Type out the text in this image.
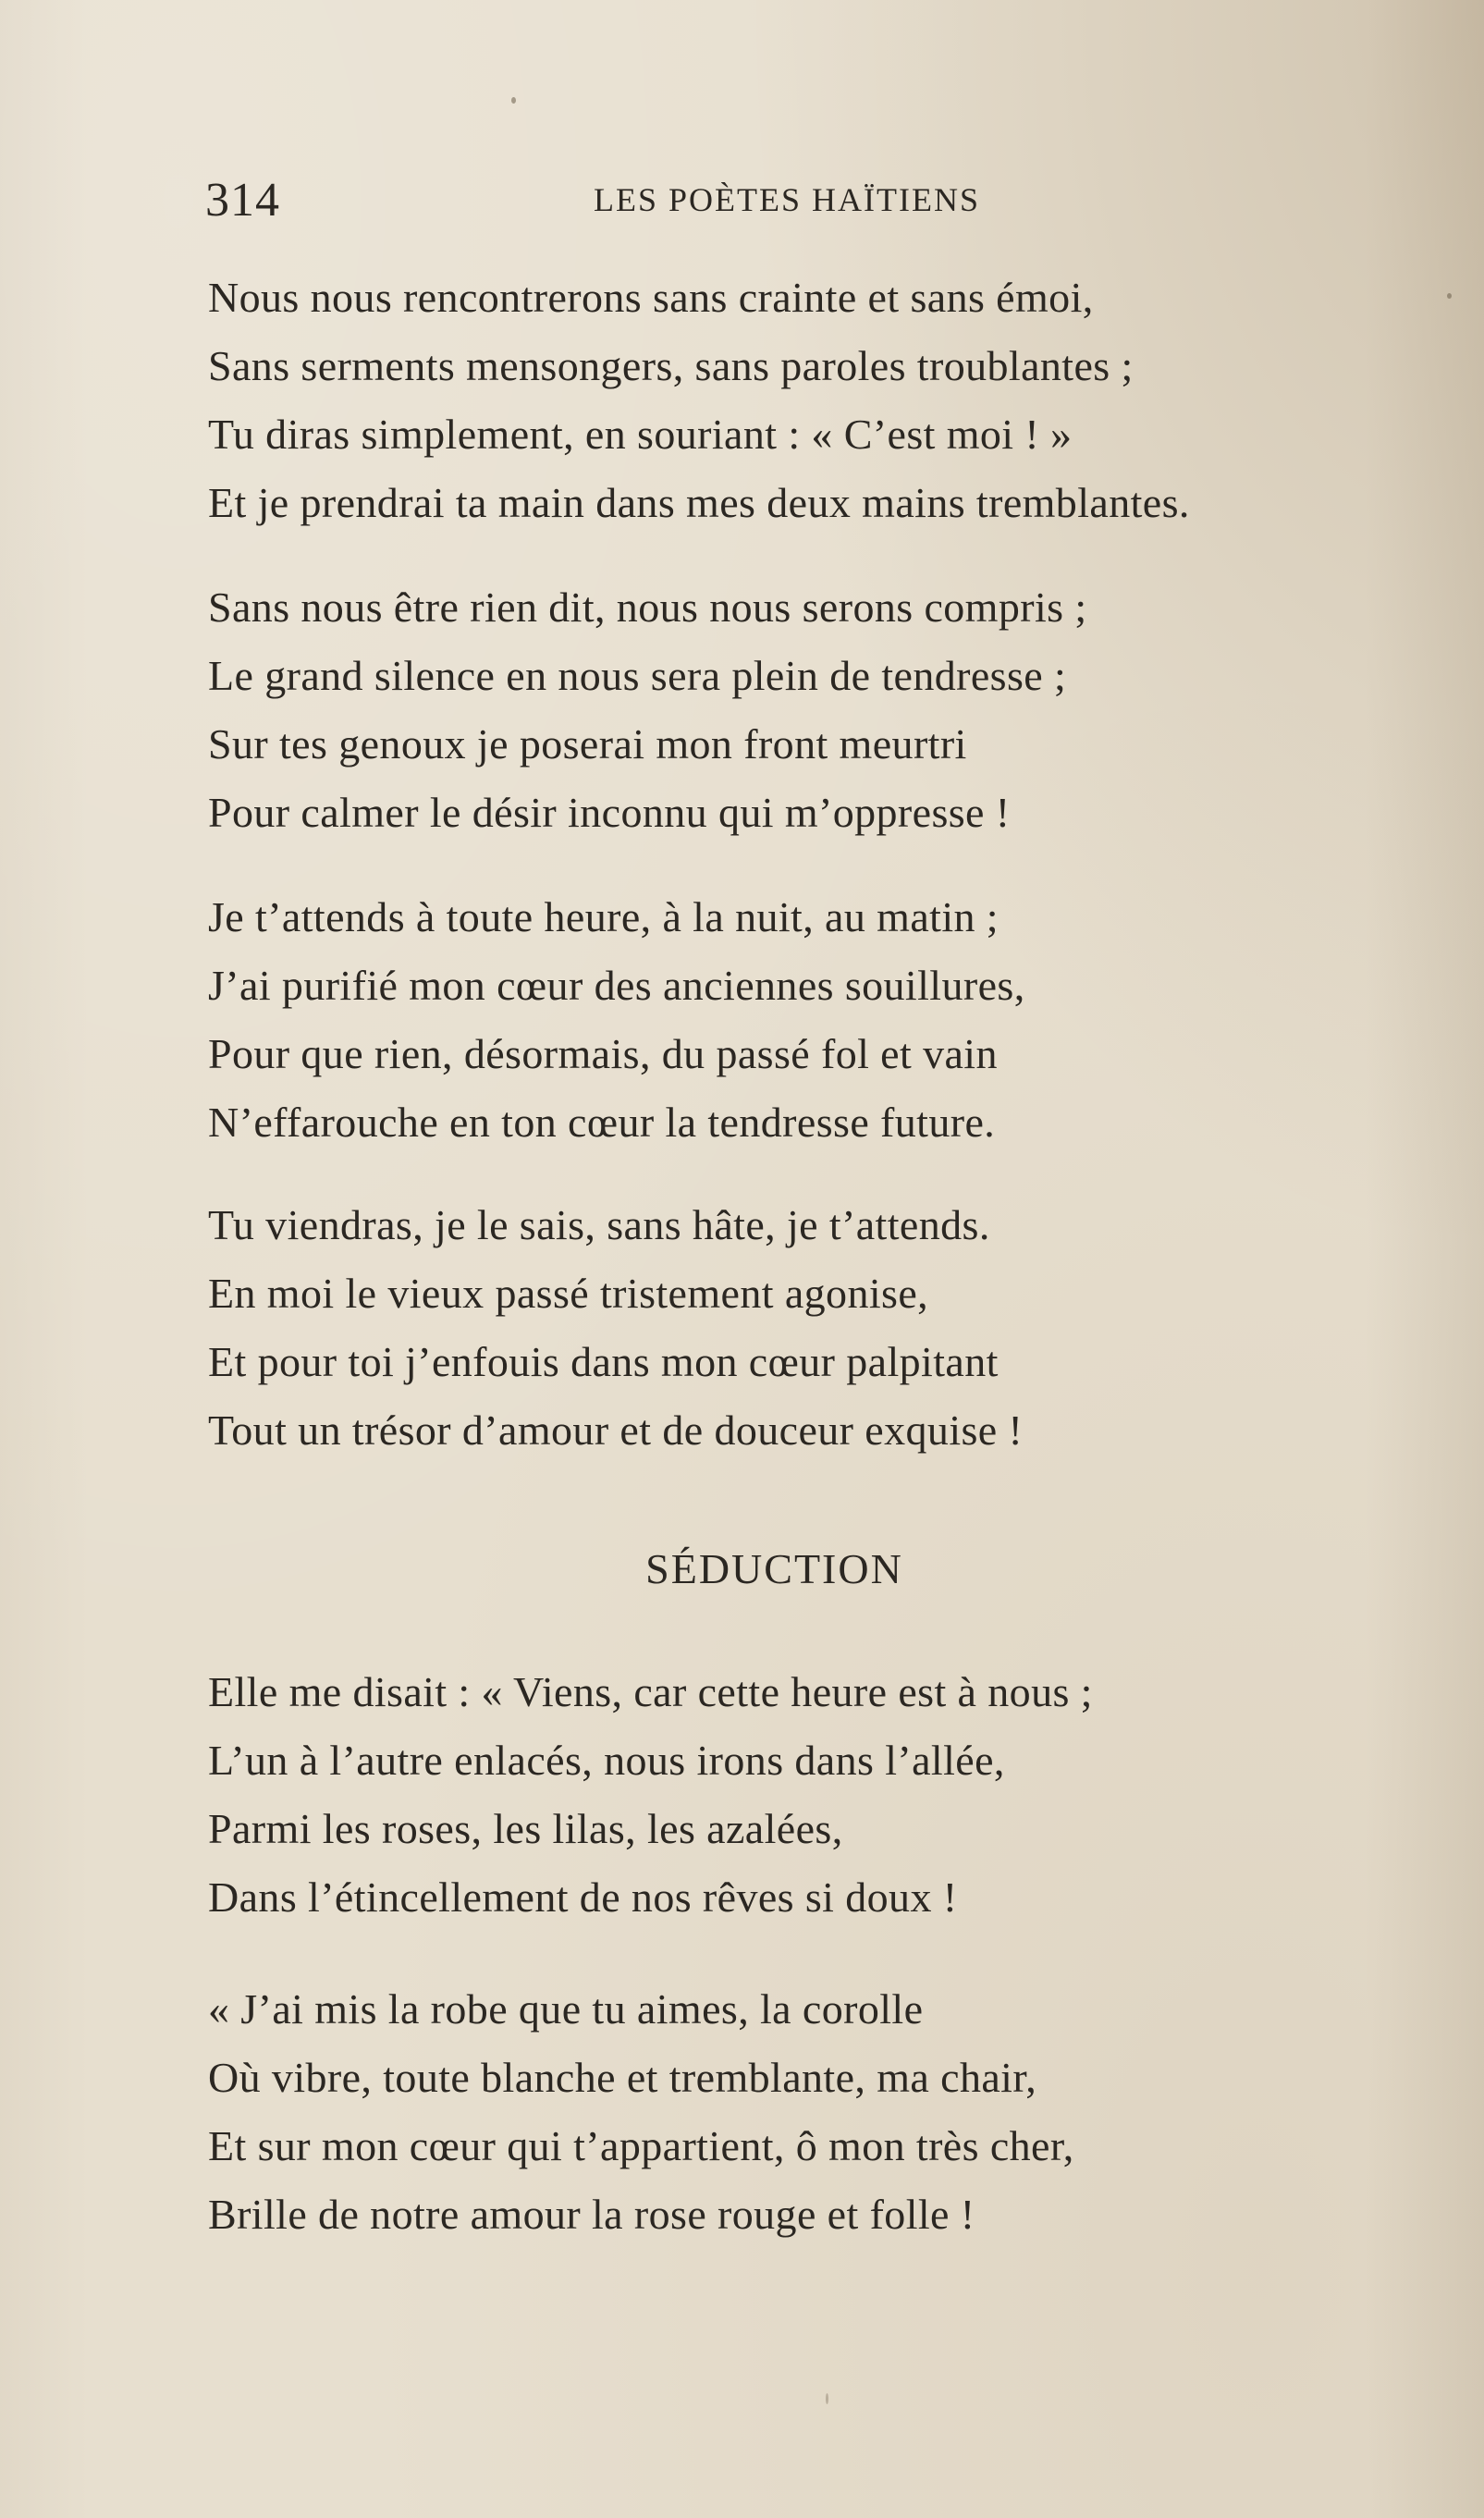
314	LES POÈTES HAÏTIENS
Nous nous rencontrerons sans crainte et sans émoi,
Sans serments mensongers, sans paroles troublantes ;
Tu diras simplement, en souriant : « C’est moi ! »
Et je prendrai ta main dans mes deux mains tremblantes.
Sans nous être rien dit, nous nous serons compris ;
Le grand silence en nous sera plein de tendresse ;
Sur tes genoux je poserai mon front meurtri
Pour calmer le désir inconnu qui m’oppresse !
Je t’attends à toute heure, à la nuit, au matin ;
J’ai purifié mon cœur des anciennes souillures,
Pour que rien, désormais, du passé fol et vain
N’effarouche en ton cœur la tendresse future.
Tu viendras, je le sais, sans hâte, je t’attends.
En moi le vieux passé tristement agonise,
Et pour toi j’enfouis dans mon cœur palpitant
Tout un trésor d’amour et de douceur exquise !
SÉDUCTION
Elle me disait : « Viens, car cette heure est à nous ;
L’un à l’autre enlacés, nous irons dans l’allée,
Parmi les roses, les lilas, les azalées,
Dans l’étincellement de nos rêves si doux !
« J’ai mis la robe que tu aimes, la corolle
Où vibre, toute blanche et tremblante, ma chair,
Et sur mon cœur qui t’appartient, ô mon très cher,
Brille de notre amour la rose rouge et folle !
